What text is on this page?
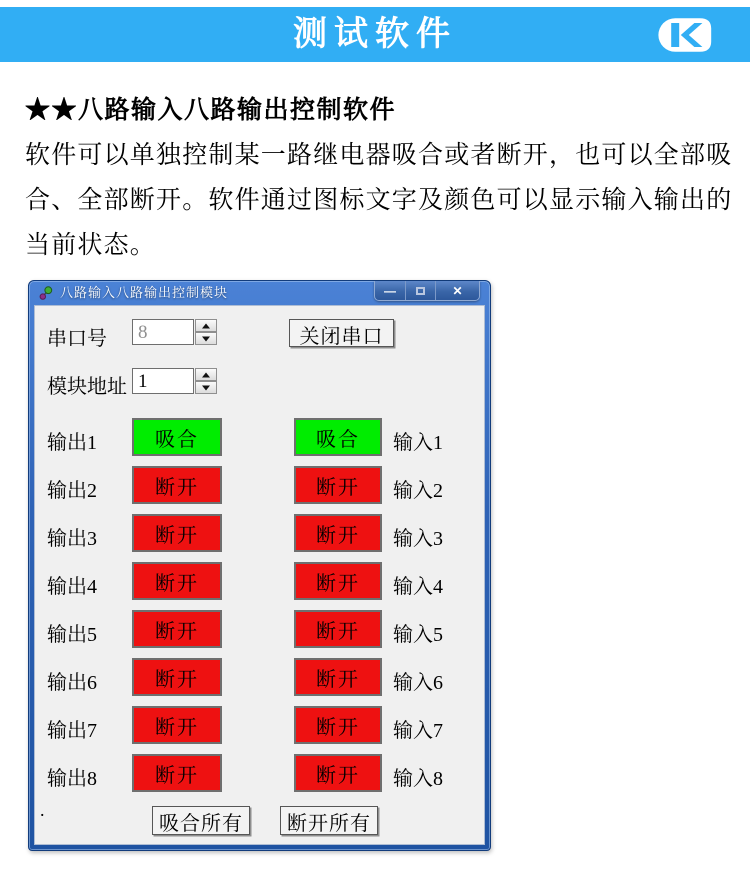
测试软件
★★八路输入八路输出控制软件
软件可以单独控制某一路继电器吸合或者断开，也可以全部吸
合、全部断开。软件通过图标文字及颜色可以显示输入输出的
当前状态。
八路输入八路输出控制模块	—	✕
串口号
8	关闭串口
模块地址
1
输出1	吸合	吸合	输入1
输出2	断开	断开	输入2
输出3	断开	断开	输入3
输出4	断开	断开	输入4
输出5	断开	断开	输入5
输出6	断开	断开	输入6
输出7	断开	断开	输入7
输出8	断开	断开	输入8
.
吸合所有	断开所有
